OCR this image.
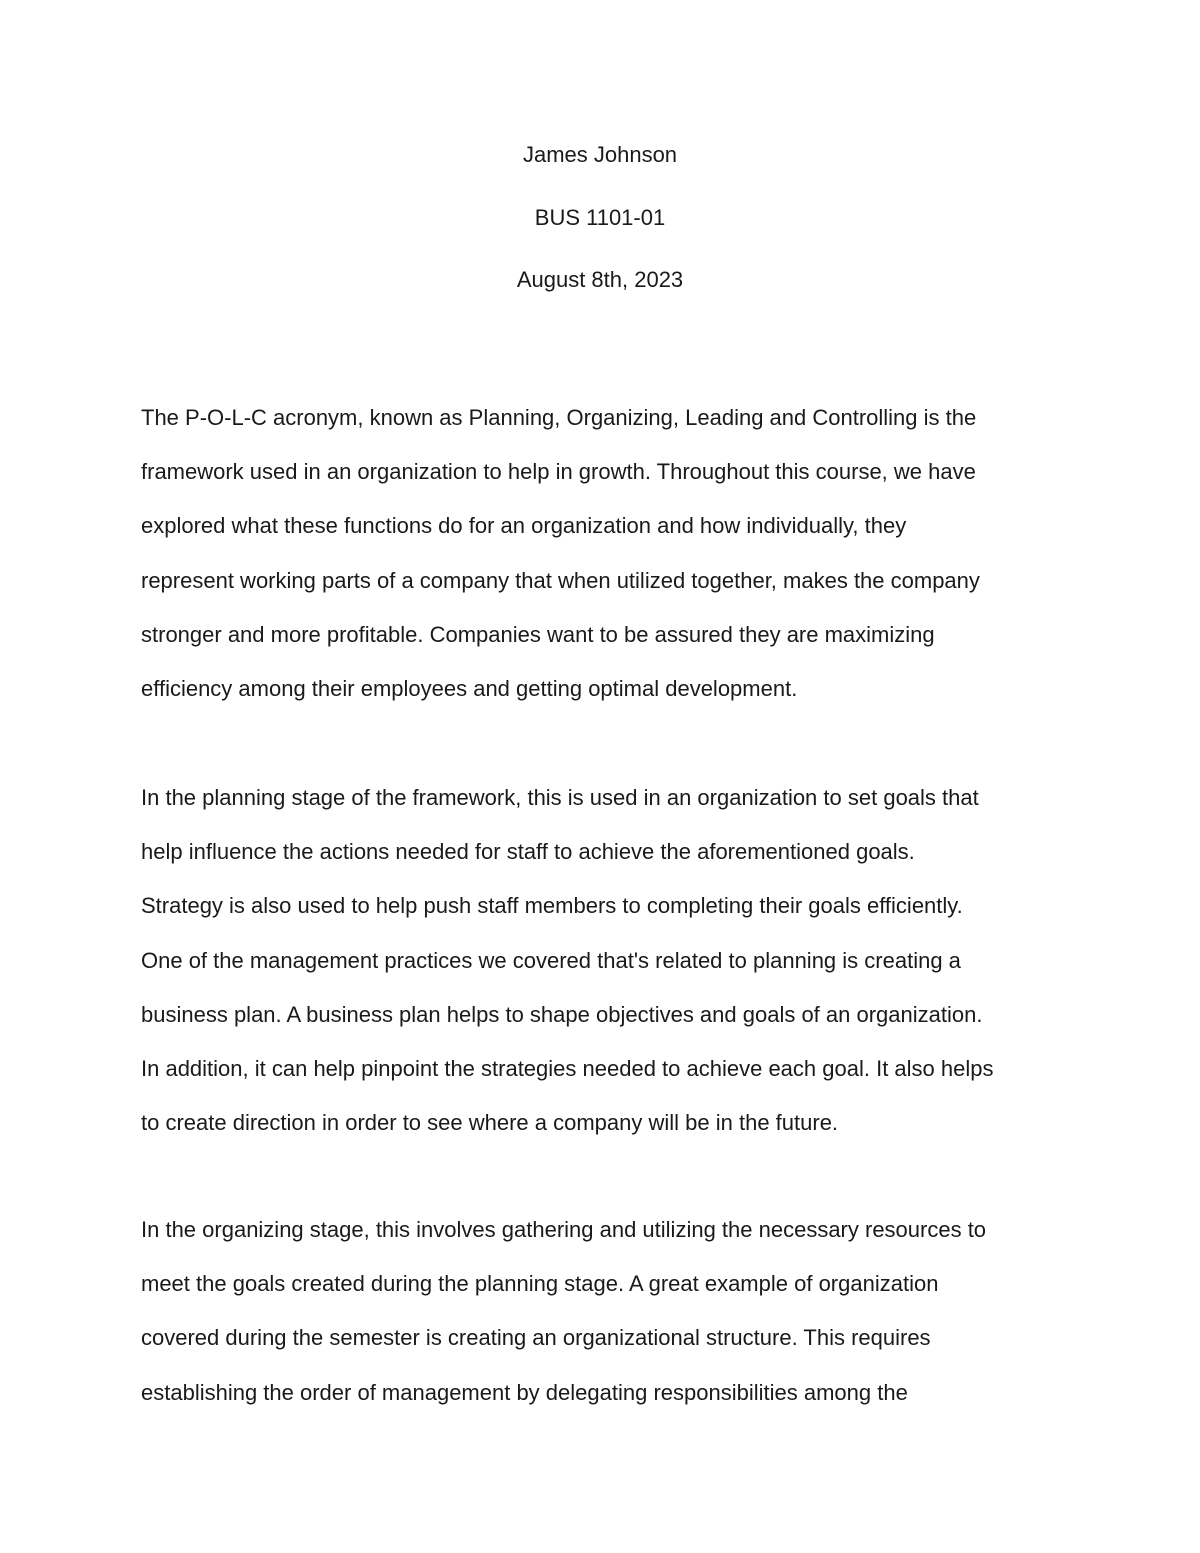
James Johnson
BUS 1101-01
August 8th, 2023
The P-O-L-C acronym, known as Planning, Organizing, Leading and Controlling is the
framework used in an organization to help in growth. Throughout this course, we have
explored what these functions do for an organization and how individually, they
represent working parts of a company that when utilized together, makes the company
stronger and more profitable. Companies want to be assured they are maximizing
efficiency among their employees and getting optimal development.
In the planning stage of the framework, this is used in an organization to set goals that
help influence the actions needed for staff to achieve the aforementioned goals.
Strategy is also used to help push staff members to completing their goals efficiently.
One of the management practices we covered that's related to planning is creating a
business plan. A business plan helps to shape objectives and goals of an organization.
In addition, it can help pinpoint the strategies needed to achieve each goal. It also helps
to create direction in order to see where a company will be in the future.
In the organizing stage, this involves gathering and utilizing the necessary resources to
meet the goals created during the planning stage. A great example of organization
covered during the semester is creating an organizational structure. This requires
establishing the order of management by delegating responsibilities among the
